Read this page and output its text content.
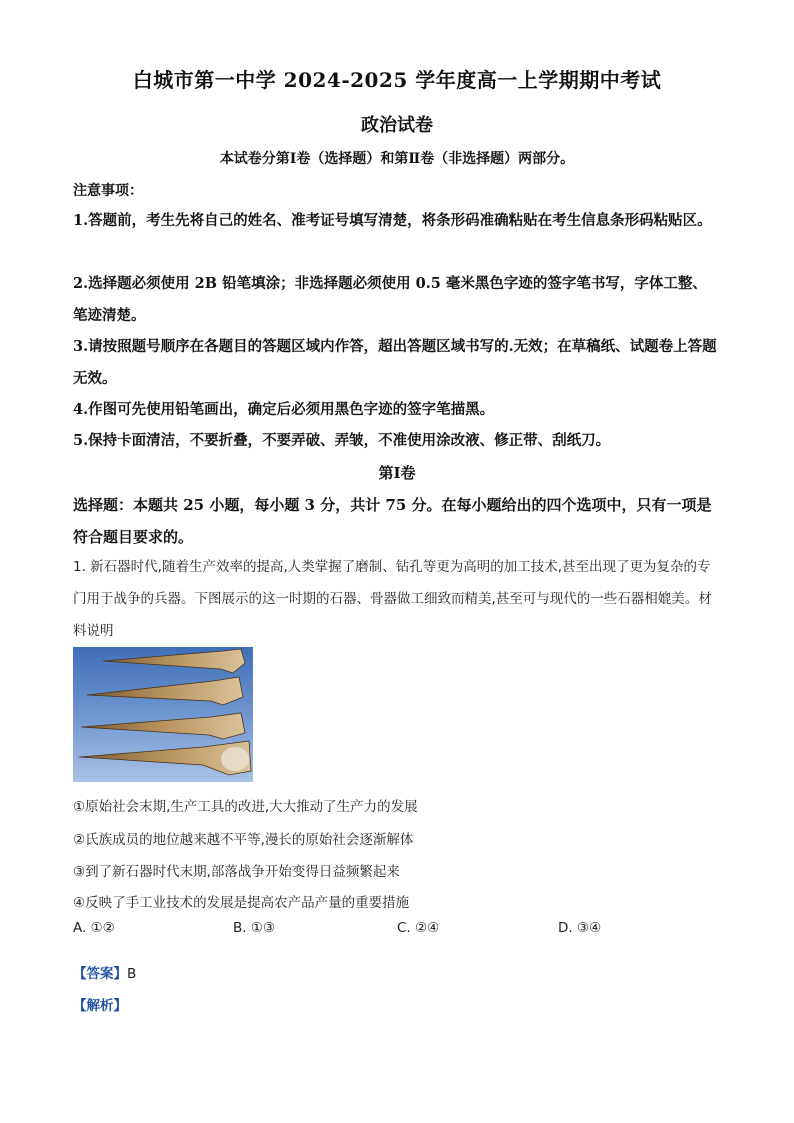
白城市第一中学 2024-2025 学年度高一上学期期中考试
政治试卷
本试卷分第Ⅰ卷（选择题）和第Ⅱ卷（非选择题）两部分。
注意事项：
1.答题前，考生先将自己的姓名、准考证号填写清楚，将条形码准确粘贴在考生信息条形码粘贴区。
2.选择题必须使用 2B 铅笔填涂；非选择题必须使用 0.5 毫米黑色字迹的签字笔书写，字体工整、笔迹清楚。
3.请按照题号顺序在各题目的答题区域内作答，超出答题区域书写的.无效；在草稿纸、试题卷上答题无效。
4.作图可先使用铅笔画出，确定后必须用黑色字迹的签字笔描黑。
5.保持卡面清洁，不要折叠，不要弄破、弄皱，不准使用涂改液、修正带、刮纸刀。
第Ⅰ卷
选择题：本题共 25 小题，每小题 3 分，共计 75 分。在每小题给出的四个选项中，只有一项是符合题目要求的。
1. 新石器时代,随着生产效率的提高,人类掌握了磨制、钻孔等更为高明的加工技术,甚至出现了更为复杂的专门用于战争的兵器。下图展示的这一时期的石器、骨器做工细致而精美,甚至可与现代的一些石器相媲美。材料说明
①原始社会末期,生产工具的改进,大大推动了生产力的发展
②氏族成员的地位越来越不平等,漫长的原始社会逐渐解体
③到了新石器时代末期,部落战争开始变得日益频繁起来
④反映了手工业技术的发展是提高农产品产量的重要措施
A. ①②	B. ①③	C. ②④	D. ③④
【答案】B
【解析】
